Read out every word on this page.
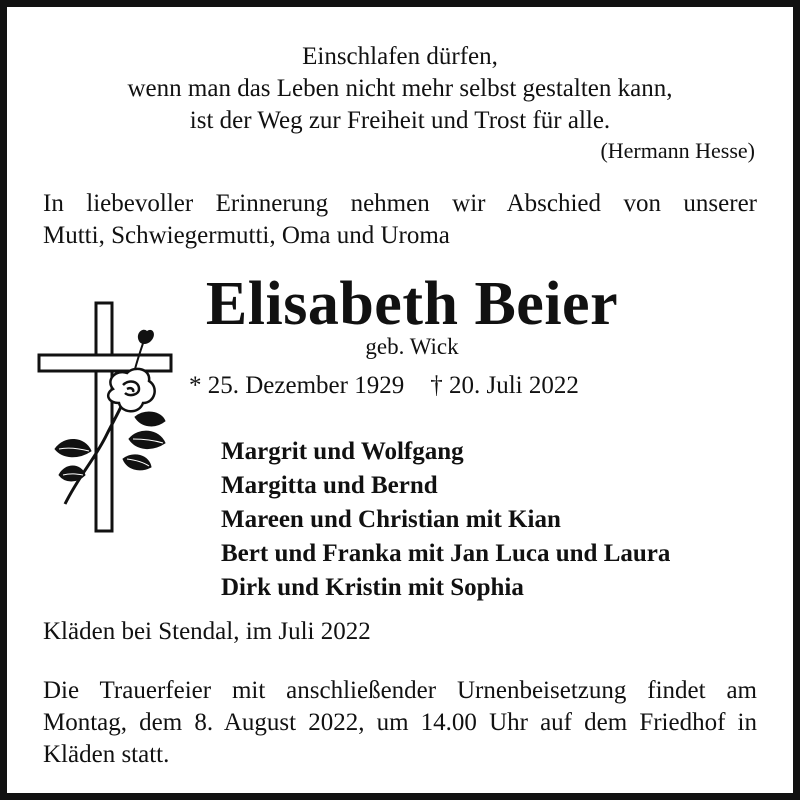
Einschlafen dürfen,
wenn man das Leben nicht mehr selbst gestalten kann,
ist der Weg zur Freiheit und Trost für alle.
(Hermann Hesse)
In liebevoller Erinnerung nehmen wir Abschied von unserer
Mutti, Schwiegermutti, Oma und Uroma
Elisabeth Beier
geb. Wick
* 25. Dezember 1929 † 20. Juli 2022
Margrit und Wolfgang
Margitta und Bernd
Mareen und Christian mit Kian
Bert und Franka mit Jan Luca und Laura
Dirk und Kristin mit Sophia
Kläden bei Stendal, im Juli 2022
Die Trauerfeier mit anschließender Urnenbeisetzung findet am
Montag, dem 8. August 2022, um 14.00 Uhr auf dem Friedhof in
Kläden statt.
